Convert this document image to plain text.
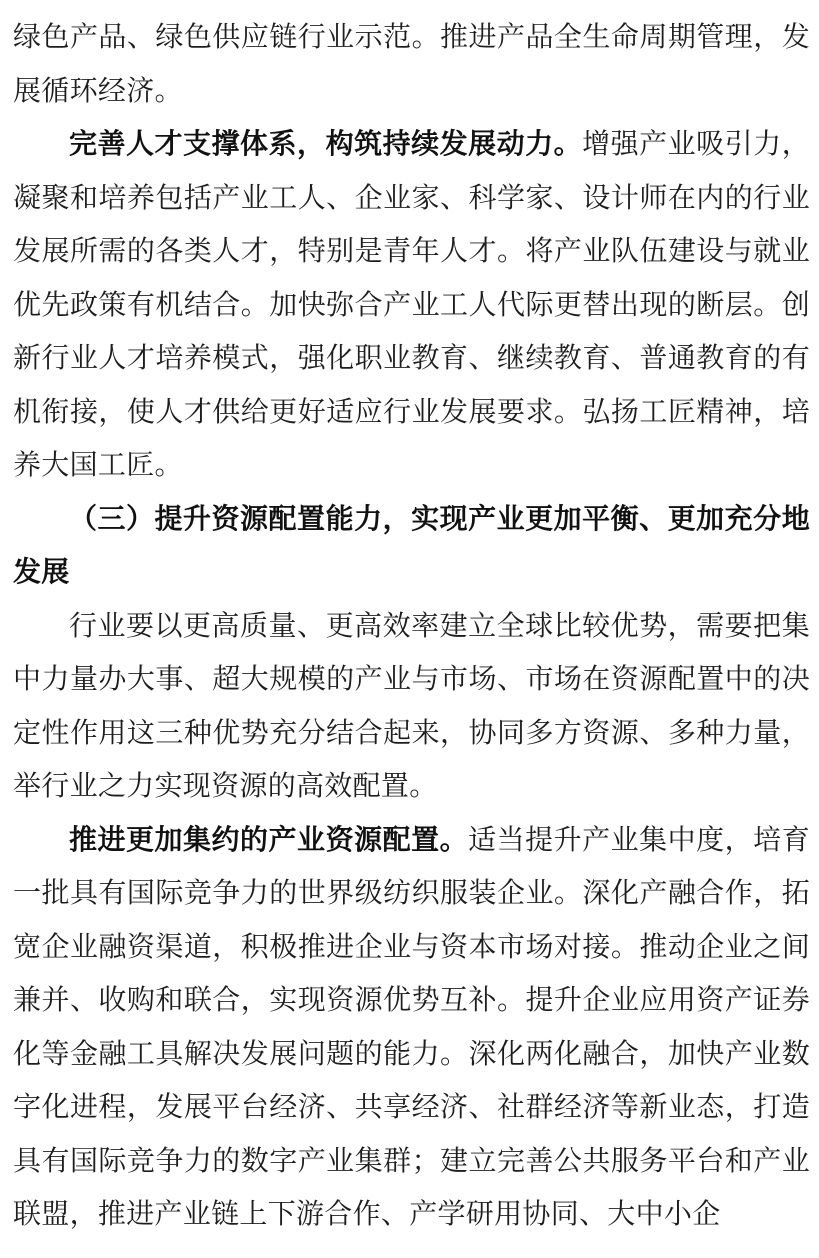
绿色产品、绿色供应链行业示范。推进产品全生命周期管理，发展循环经济。

完善人才支撑体系，构筑持续发展动力。增强产业吸引力，凝聚和培养包括产业工人、企业家、科学家、设计师在内的行业发展所需的各类人才，特别是青年人才。将产业队伍建设与就业优先政策有机结合。加快弥合产业工人代际更替出现的断层。创新行业人才培养模式，强化职业教育、继续教育、普通教育的有机衔接，使人才供给更好适应行业发展要求。弘扬工匠精神，培养大国工匠。

（三）提升资源配置能力，实现产业更加平衡、更加充分地发展

行业要以更高质量、更高效率建立全球比较优势，需要把集中力量办大事、超大规模的产业与市场、市场在资源配置中的决定性作用这三种优势充分结合起来，协同多方资源、多种力量，举行业之力实现资源的高效配置。

推进更加集约的产业资源配置。适当提升产业集中度，培育一批具有国际竞争力的世界级纺织服装企业。深化产融合作，拓宽企业融资渠道，积极推进企业与资本市场对接。推动企业之间兼并、收购和联合，实现资源优势互补。提升企业应用资产证券化等金融工具解决发展问题的能力。深化两化融合，加快产业数字化进程，发展平台经济、共享经济、社群经济等新业态，打造具有国际竞争力的数字产业集群；建立完善公共服务平台和产业联盟，推进产业链上下游合作、产学研用协同、大中小企
